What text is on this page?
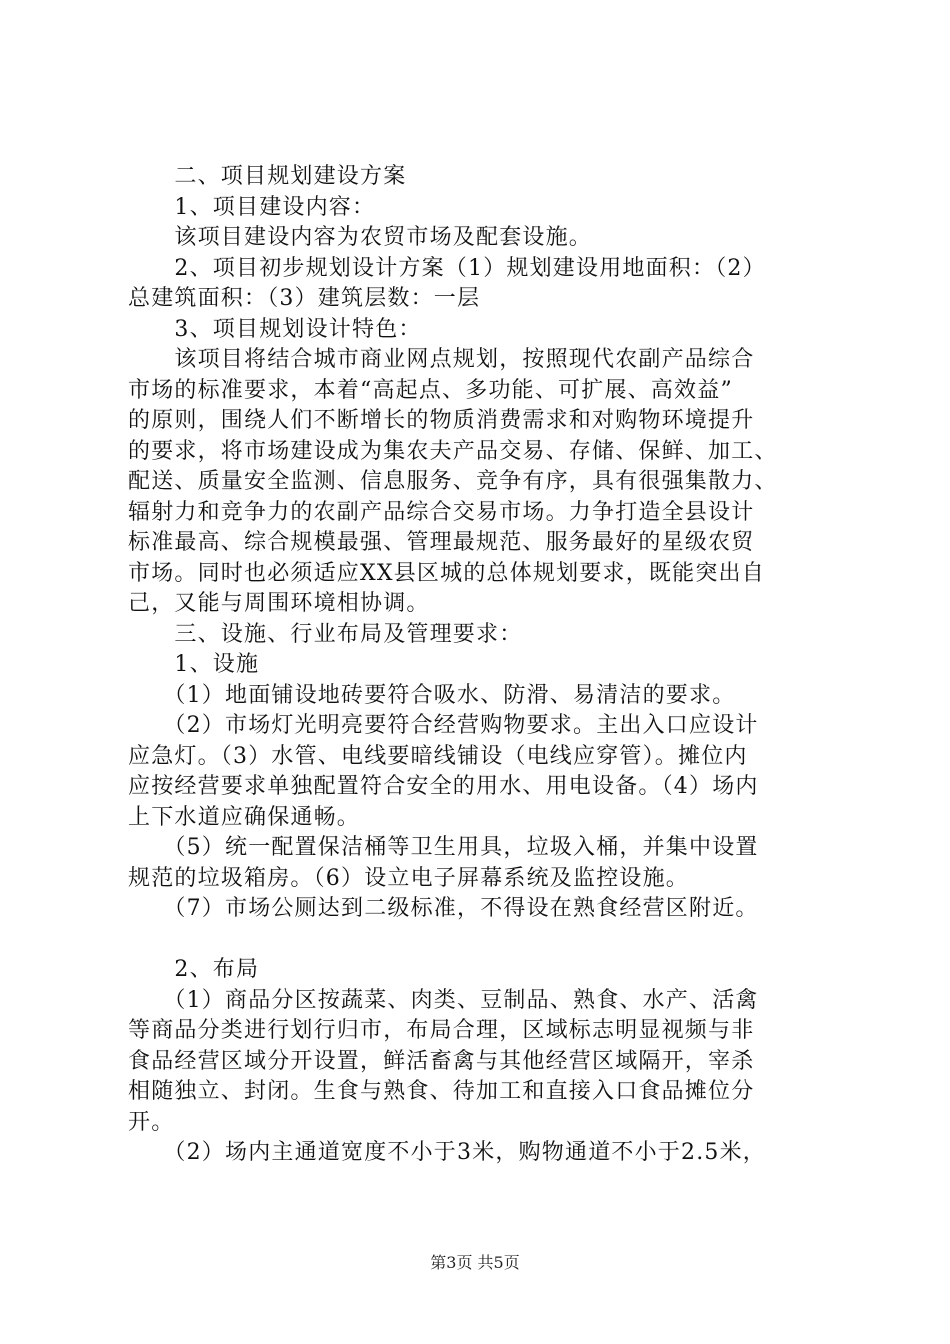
　　二、项目规划建设方案
　　1、项目建设内容：
　　该项目建设内容为农贸市场及配套设施。
　　2、项目初步规划设计方案（1）规划建设用地面积：（2）
总建筑面积：（3）建筑层数：一层
　　3、项目规划设计特色：
　　该项目将结合城市商业网点规划，按照现代农副产品综合
市场的标准要求，本着“高起点、多功能、可扩展、高效益”
的原则，围绕人们不断增长的物质消费需求和对购物环境提升
的要求，将市场建设成为集农夫产品交易、存储、保鲜、加工、
配送、质量安全监测、信息服务、竞争有序，具有很强集散力、
辐射力和竞争力的农副产品综合交易市场。力争打造全县设计
标准最高、综合规模最强、管理最规范、服务最好的星级农贸
市场。同时也必须适应XX县区城的总体规划要求，既能突出自
己，又能与周围环境相协调。
　　三、设施、行业布局及管理要求：
　　1、设施
　　（1）地面铺设地砖要符合吸水、防滑、易清洁的要求。
　　（2）市场灯光明亮要符合经营购物要求。主出入口应设计
应急灯。（3）水管、电线要暗线铺设（电线应穿管）。摊位内
应按经营要求单独配置符合安全的用水、用电设备。（4）场内
上下水道应确保通畅。
　　（5）统一配置保洁桶等卫生用具，垃圾入桶，并集中设置
规范的垃圾箱房。（6）设立电子屏幕系统及监控设施。
　　（7）市场公厕达到二级标准，不得设在熟食经营区附近。
　　2、布局
　　（1）商品分区按蔬菜、肉类、豆制品、熟食、水产、活禽
等商品分类进行划行归市，布局合理，区域标志明显视频与非
食品经营区域分开设置，鲜活畜禽与其他经营区域隔开，宰杀
相随独立、封闭。生食与熟食、待加工和直接入口食品摊位分
开。
　　（2）场内主通道宽度不小于3米，购物通道不小于2.5米，
第3页 共5页
